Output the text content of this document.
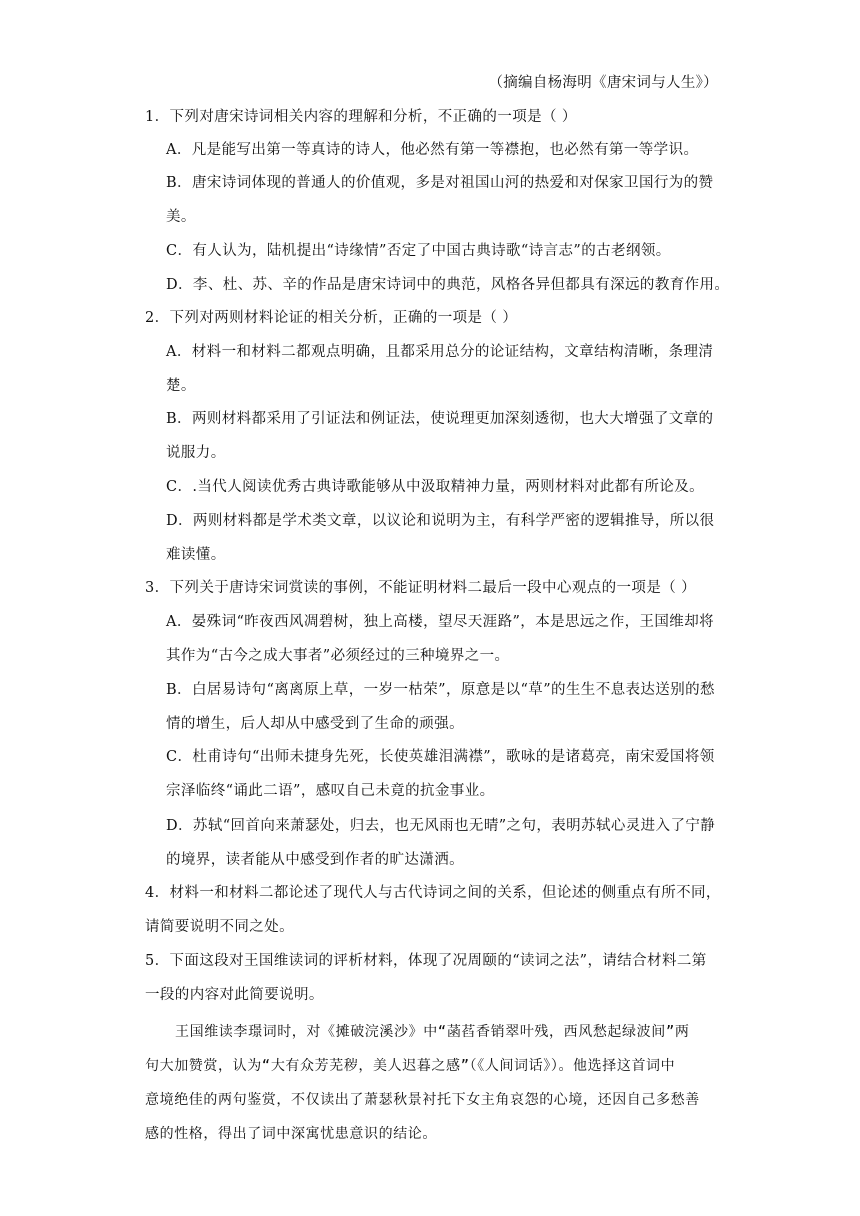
（摘编自杨海明《唐宋词与人生》）
1．下列对唐宋诗词相关内容的理解和分析，不正确的一项是（ ）
A．凡是能写出第一等真诗的诗人，他必然有第一等襟抱，也必然有第一等学识。
B．唐宋诗词体现的普通人的价值观，多是对祖国山河的热爱和对保家卫国行为的赞
美。
C．有人认为，陆机提出“诗缘情”否定了中国古典诗歌“诗言志”的古老纲领。
D．李、杜、苏、辛的作品是唐宋诗词中的典范，风格各异但都具有深远的教育作用。
2．下列对两则材料论证的相关分析，正确的一项是（ ）
A．材料一和材料二都观点明确，且都采用总分的论证结构，文章结构清晰，条理清
楚。
B．两则材料都采用了引证法和例证法，使说理更加深刻透彻，也大大增强了文章的
说服力。
C．.当代人阅读优秀古典诗歌能够从中汲取精神力量，两则材料对此都有所论及。
D．两则材料都是学术类文章，以议论和说明为主，有科学严密的逻辑推导，所以很
难读懂。
3．下列关于唐诗宋词赏读的事例，不能证明材料二最后一段中心观点的一项是（ ）
A．晏殊词“昨夜西风凋碧树，独上高楼，望尽天涯路”，本是思远之作，王国维却将
其作为“古今之成大事者”必须经过的三种境界之一。
B．白居易诗句“离离原上草，一岁一枯荣”，原意是以“草”的生生不息表达送别的愁
情的增生，后人却从中感受到了生命的顽强。
C．杜甫诗句“出师未捷身先死，长使英雄泪满襟”，歌咏的是诸葛亮，南宋爱国将领
宗泽临终“诵此二语”，感叹自己未竟的抗金事业。
D．苏轼“回首向来萧瑟处，归去，也无风雨也无晴”之句，表明苏轼心灵进入了宁静
的境界，读者能从中感受到作者的旷达潇洒。
4．材料一和材料二都论述了现代人与古代诗词之间的关系，但论述的侧重点有所不同，
请简要说明不同之处。
5．下面这段对王国维读词的评析材料，体现了况周颐的“读词之法”，请结合材料二第
一段的内容对此简要说明。
王国维读李璟词时，对《摊破浣溪沙》中“菡萏香销翠叶残，西风愁起绿波间”两
句大加赞赏，认为“大有众芳芜秽，美人迟暮之感”（《人间词话》）。他选择这首词中
意境绝佳的两句鉴赏，不仅读出了萧瑟秋景衬托下女主角哀怨的心境，还因自己多愁善
感的性格，得出了词中深寓忧患意识的结论。
